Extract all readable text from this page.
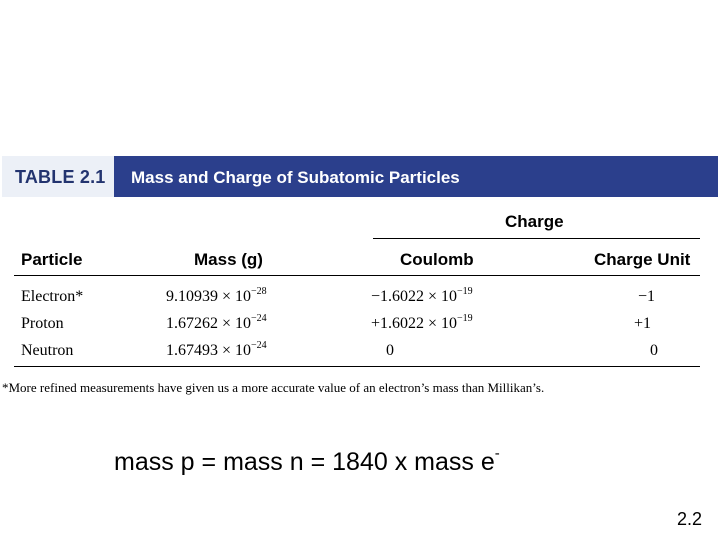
TABLE 2.1 Mass and Charge of Subatomic Particles
Charge
Particle	Mass (g)	Coulomb	Charge Unit
Electron*	$9.10939 \times 10^{-28}$	$-1.6022 \times 10^{-19}$	−1
Proton	$1.67262 \times 10^{-24}$	$+1.6022 \times 10^{-19}$	+1
Neutron	$1.67493 \times 10^{-24}$	0	0
*More refined measurements have given us a more accurate value of an electron’s mass than Millikan’s.
mass p = mass n = 1840 x mass e-
2.2
